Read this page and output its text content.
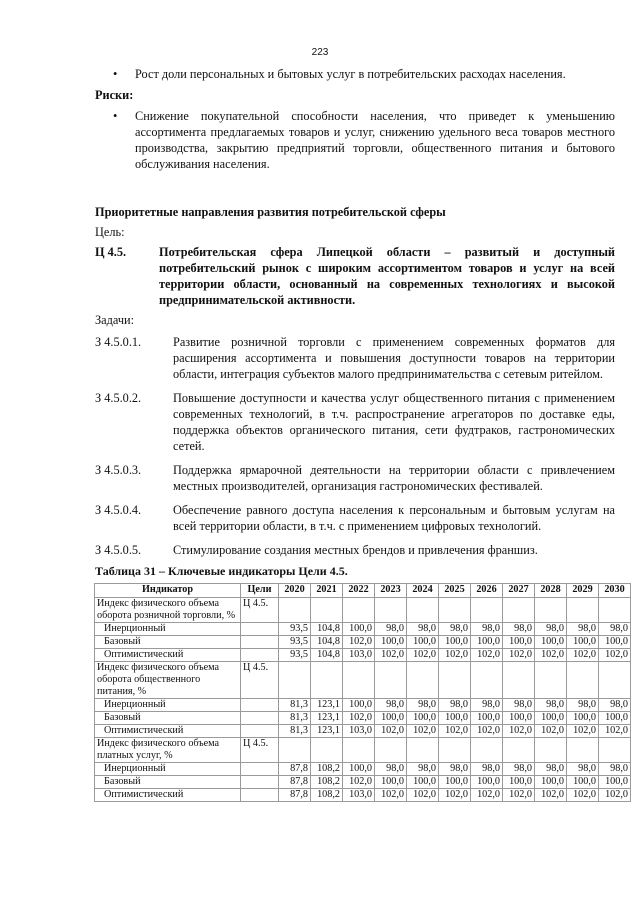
223
•	Рост доли персональных и бытовых услуг в потребительских расходах населения.
Риски:
•	Снижение покупательной способности населения, что приведет к уменьшению ассортимента предлагаемых товаров и услуг, снижению удельного веса товаров местного производства, закрытию предприятий торговли, общественного питания и бытового обслуживания населения.
Приоритетные направления развития потребительской сферы
Цель:
Ц 4.5.	Потребительская сфера Липецкой области – развитый и доступный потребительский рынок с широким ассортиментом товаров и услуг на всей территории области, основанный на современных технологиях и высокой предпринимательской активности.
Задачи:
З 4.5.0.1.	Развитие розничной торговли с применением современных форматов для расширения ассортимента и повышения доступности товаров на территории области, интеграция субъектов малого предпринимательства с сетевым ритейлом.
З 4.5.0.2.	Повышение доступности и качества услуг общественного питания с применением современных технологий, в т.ч. распространение агрегаторов по доставке еды, поддержка объектов органического питания, сети фудтраков, гастрономических сетей.
З 4.5.0.3.	Поддержка ярмарочной деятельности на территории области с привлечением местных производителей, организация гастрономических фестивалей.
З 4.5.0.4.	Обеспечение равного доступа населения к персональным и бытовым услугам на всей территории области, в т.ч. с применением цифровых технологий.
З 4.5.0.5.	Стимулирование создания местных брендов и привлечения франшиз.
Таблица 31 – Ключевые индикаторы Цели 4.5.
Индикатор	Цели	2020	2021	2022	2023	2024	2025	2026	2027	2028	2029	2030
Индекс физического объема оборота розничной торговли, %	Ц 4.5.											
Инерционный		93,5	104,8	100,0	98,0	98,0	98,0	98,0	98,0	98,0	98,0	98,0
Базовый		93,5	104,8	102,0	100,0	100,0	100,0	100,0	100,0	100,0	100,0	100,0
Оптимистический		93,5	104,8	103,0	102,0	102,0	102,0	102,0	102,0	102,0	102,0	102,0
Индекс физического объема оборота общественного питания, %	Ц 4.5.											
Инерционный		81,3	123,1	100,0	98,0	98,0	98,0	98,0	98,0	98,0	98,0	98,0
Базовый		81,3	123,1	102,0	100,0	100,0	100,0	100,0	100,0	100,0	100,0	100,0
Оптимистический		81,3	123,1	103,0	102,0	102,0	102,0	102,0	102,0	102,0	102,0	102,0
Индекс физического объема платных услуг, %	Ц 4.5.											
Инерционный		87,8	108,2	100,0	98,0	98,0	98,0	98,0	98,0	98,0	98,0	98,0
Базовый		87,8	108,2	102,0	100,0	100,0	100,0	100,0	100,0	100,0	100,0	100,0
Оптимистический		87,8	108,2	103,0	102,0	102,0	102,0	102,0	102,0	102,0	102,0	102,0
